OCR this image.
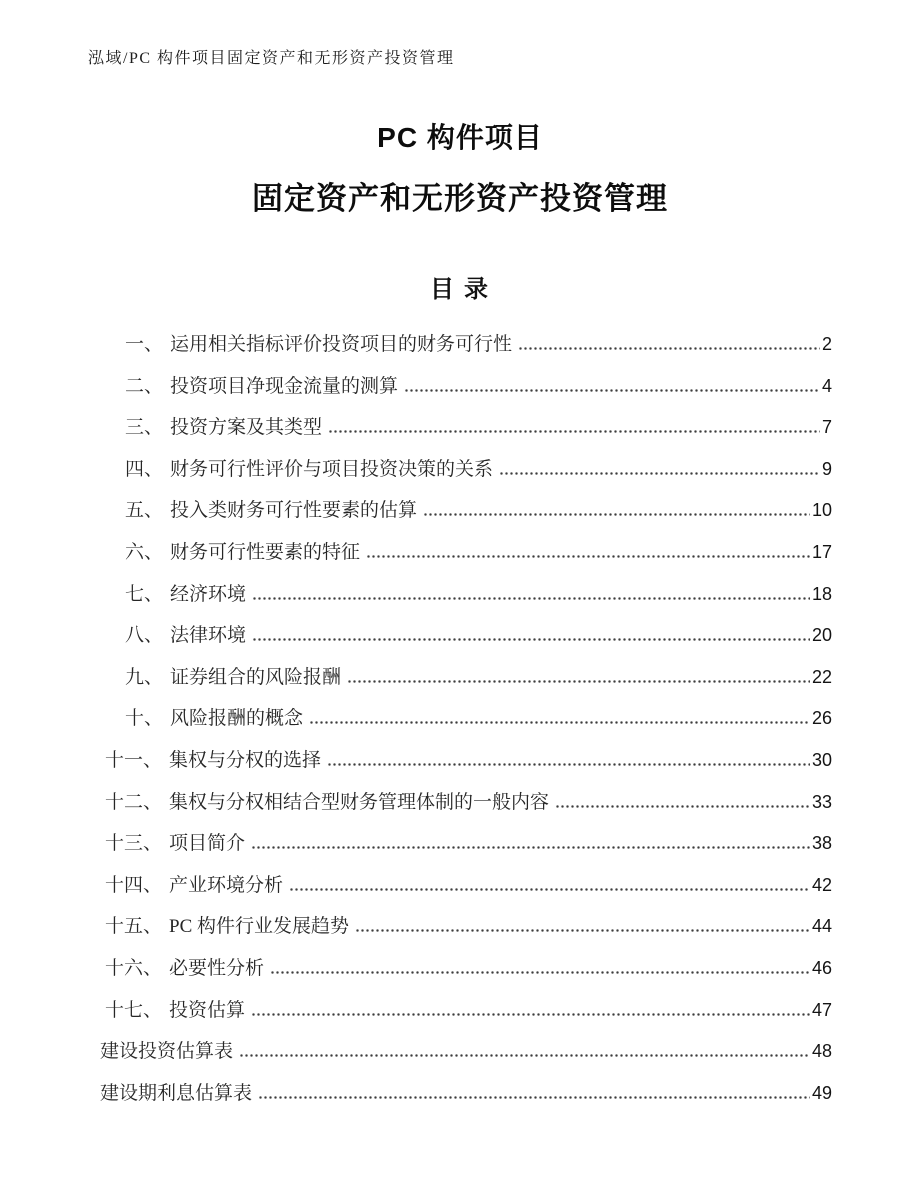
泓域/PC 构件项目固定资产和无形资产投资管理
PC 构件项目
固定资产和无形资产投资管理
目 录
一、 运用相关指标评价投资项目的财务可行性	2
二、 投资项目净现金流量的测算	4
三、 投资方案及其类型	7
四、 财务可行性评价与项目投资决策的关系	9
五、 投入类财务可行性要素的估算	10
六、 财务可行性要素的特征	17
七、 经济环境	18
八、 法律环境	20
九、 证券组合的风险报酬	22
十、 风险报酬的概念	26
十一、 集权与分权的选择	30
十二、 集权与分权相结合型财务管理体制的一般内容	33
十三、 项目简介	38
十四、 产业环境分析	42
十五、 PC 构件行业发展趋势	44
十六、 必要性分析	46
十七、 投资估算	47
建设投资估算表	48
建设期利息估算表	49
